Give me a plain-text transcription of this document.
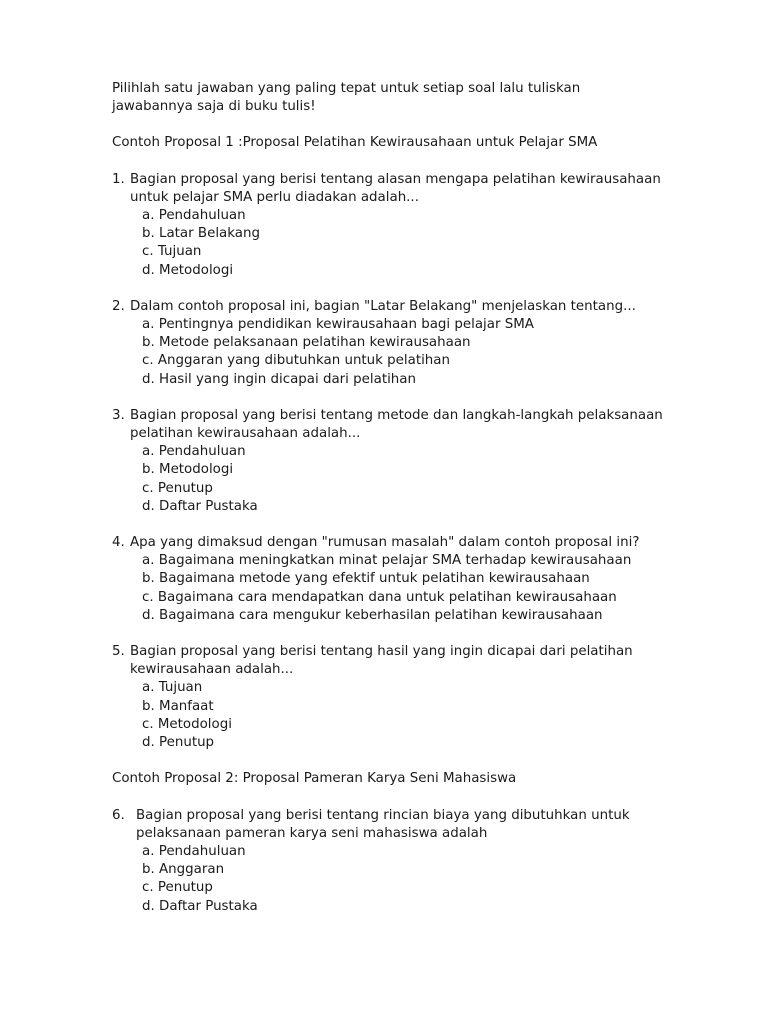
Pilihlah satu jawaban yang paling tepat untuk setiap soal lalu tuliskan
jawabannya saja di buku tulis!
Contoh Proposal 1 :Proposal Pelatihan Kewirausahaan untuk Pelajar SMA
1. Bagian proposal yang berisi tentang alasan mengapa pelatihan kewirausahaan
untuk pelajar SMA perlu diadakan adalah...
a. Pendahuluan
b. Latar Belakang
c. Tujuan
d. Metodologi
2. Dalam contoh proposal ini, bagian "Latar Belakang" menjelaskan tentang...
a. Pentingnya pendidikan kewirausahaan bagi pelajar SMA
b. Metode pelaksanaan pelatihan kewirausahaan
c. Anggaran yang dibutuhkan untuk pelatihan
d. Hasil yang ingin dicapai dari pelatihan
3. Bagian proposal yang berisi tentang metode dan langkah-langkah pelaksanaan
pelatihan kewirausahaan adalah...
a. Pendahuluan
b. Metodologi
c. Penutup
d. Daftar Pustaka
4. Apa yang dimaksud dengan "rumusan masalah" dalam contoh proposal ini?
a. Bagaimana meningkatkan minat pelajar SMA terhadap kewirausahaan
b. Bagaimana metode yang efektif untuk pelatihan kewirausahaan
c. Bagaimana cara mendapatkan dana untuk pelatihan kewirausahaan
d. Bagaimana cara mengukur keberhasilan pelatihan kewirausahaan
5. Bagian proposal yang berisi tentang hasil yang ingin dicapai dari pelatihan
kewirausahaan adalah...
a. Tujuan
b. Manfaat
c. Metodologi
d. Penutup
Contoh Proposal 2: Proposal Pameran Karya Seni Mahasiswa
6. Bagian proposal yang berisi tentang rincian biaya yang dibutuhkan untuk
pelaksanaan pameran karya seni mahasiswa adalah
a. Pendahuluan
b. Anggaran
c. Penutup
d. Daftar Pustaka
